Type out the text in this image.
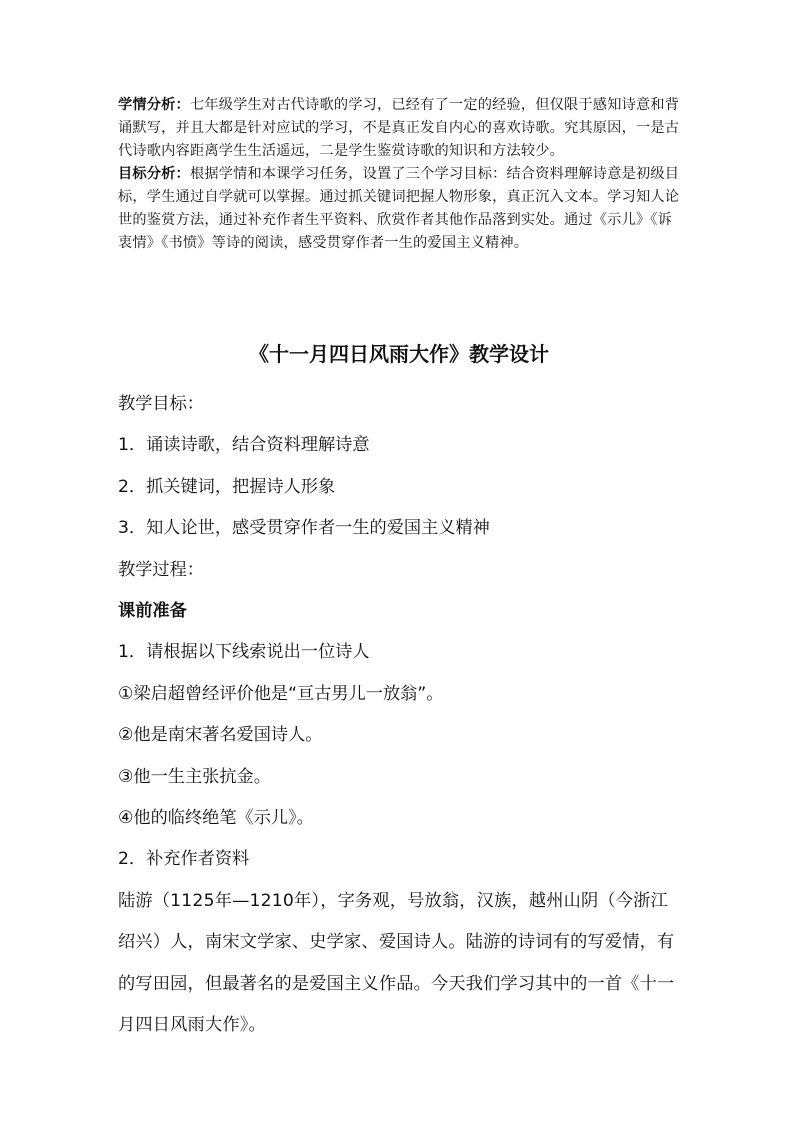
学情分析：七年级学生对古代诗歌的学习，已经有了一定的经验，但仅限于感知诗意和背诵默写，并且大都是针对应试的学习，不是真正发自内心的喜欢诗歌。究其原因，一是古代诗歌内容距离学生生活遥远，二是学生鉴赏诗歌的知识和方法较少。

目标分析：根据学情和本课学习任务，设置了三个学习目标：结合资料理解诗意是初级目标，学生通过自学就可以掌握。通过抓关键词把握人物形象，真正沉入文本。学习知人论世的鉴赏方法，通过补充作者生平资料、欣赏作者其他作品落到实处。通过《示儿》《诉衷情》《书愤》等诗的阅读，感受贯穿作者一生的爱国主义精神。

《十一月四日风雨大作》教学设计

教学目标：

1．诵读诗歌，结合资料理解诗意

2．抓关键词，把握诗人形象

3．知人论世，感受贯穿作者一生的爱国主义精神

教学过程：

课前准备

1．请根据以下线索说出一位诗人

①梁启超曾经评价他是“亘古男儿一放翁”。

②他是南宋著名爱国诗人。

③他一生主张抗金。

④他的临终绝笔《示儿》。

2．补充作者资料

陆游（1125年—1210年），字务观，号放翁，汉族，越州山阴（今浙江绍兴）人，南宋文学家、史学家、爱国诗人。陆游的诗词有的写爱情，有的写田园，但最著名的是爱国主义作品。今天我们学习其中的一首《十一月四日风雨大作》。
